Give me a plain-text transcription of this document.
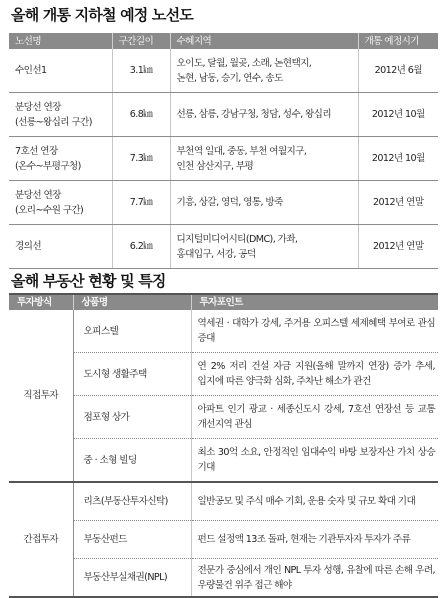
올해 개통 지하철 예정 노선도
노선명	구간길이	수혜지역	개통 예정시기

수인선1	3.1㎞	오이도, 달월, 월곶, 소래, 논현택지,
논현, 남동, 승기, 연수, 송도	2012년 6월

분당선 연장
(선릉~왕십리 구간)	6.8㎞	선릉, 삼릉, 강남구청, 청담, 성수, 왕십리	2012년 10월

7호선 연장
(온수~부평구청)	7.3㎞	부천역 일대, 중동, 부천 여월지구,
인천 삼산지구, 부평	2012년 10월

분당선 연장
(오리~수원 구간)	7.7㎞	기흥, 상갈, 영덕, 영통, 방죽	2012년 연말

경의선	6.2㎞	디지털미디어시티(DMC), 가좌,
홍대입구, 서강, 공덕	2012년 연말
올해 부동산 현황 및 특징
투자방식	상품명	투자포인트
직접투자	오피스텔	역세권 · 대학가 강세, 주거용 오피스텔 세제혜택 부여로 관심 증대
	도시형 생활주택	연 2% 저리 건설 자금 지원(올해 말까지 연장) 증가 추세, 입지에 따른 양극화 심화, 주차난 해소가 관건
	점포형 상가	아파트 인기 광교 · 세종신도시 강세, 7호선 연장선 등 교통 개선지역 관심
	중 · 소형 빌딩	최소 30억 소요, 안정적인 임대수익 바탕 보장자산 가치 상승 기대
간접투자	리츠(부동산투자신탁)	일반공모 및 주식 매수 기회, 운용 숫자 및 규모 확대 기대
	부동산펀드	펀드 설정액 13조 돌파, 현재는 기관투자자 투자가 주류
	부동산부실채권(NPL)	전문가 중심에서 개인 NPL 투자 성행, 유찰에 따른 손해 우려, 우량물건 위주 접근 해야
